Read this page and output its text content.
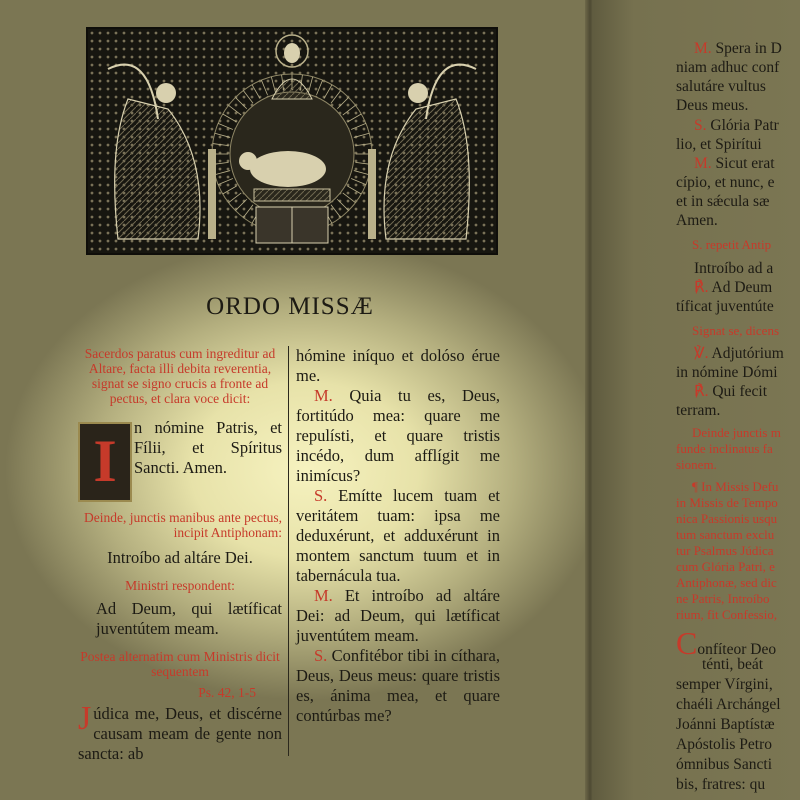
ORDO MISSÆ

Sacerdos paratus cum ingreditur ad Altare, facta illi debita reverentia, signat se signo crucis a fronte ad pectus, et clara voce dicit:

I

n nómine Patris, et Fílii, et Spíritus Sancti. Amen.

Deinde, junctis manibus ante pectus, incipit Antiphonam:

Introíbo ad altáre Dei.

Ministri respondent:

Ad Deum, qui lætíficat juventútem meam.

Postea alternatim cum Ministris dicit sequentem

Ps. 42, 1-5

Júdica me, Deus, et discérne causam meam de gente non sancta: ab

hómine iníquo et dolóso érue me.

M. Quia tu es, Deus, fortitúdo mea: quare me repulísti, et quare tristis incédo, dum afflígit me inimícus?

S. Emítte lucem tuam et veritátem tuam: ipsa me deduxérunt, et adduxérunt in montem sanctum tuum et in tabernácula tua.

M. Et introíbo ad altáre Dei: ad Deum, qui lætíficat juventútem meam.

S. Confitébor tibi in cíthara, Deus, Deus meus: quare tristis es, ánima mea, et quare contúrbas me?

M. Spera in D
niam adhuc conf
salutáre vultus
Deus meus.
S. Glória Patr
lio, et Spirítui
M. Sicut erat
cípio, et nunc, e
et in sǽcula sæ
Amen.
S. repetit Antip
Introíbo ad a
℟. Ad Deum
tíficat juventúte
Signat se, dicens
℣. Adjutórium
in nómine Dómi
℟. Qui fecit
terram.
Deinde junctis m
funde inclinatus fa
sionem.
¶ In Missis Defu
in Missis de Tempo
nica Passionis usqu
tum sanctum exclu
tur Psalmus Júdica
cum Glória Patri, e
Antiphonæ, sed dic
ne Patris, Introíbo
rium, fit Confessio,
Confíteor Deo
ténti, beát
semper Vírgini,
chaéli Archángel
Joánni Baptístæ
Apóstolis Petro
ómnibus Sancti
bis, fratres: qu
